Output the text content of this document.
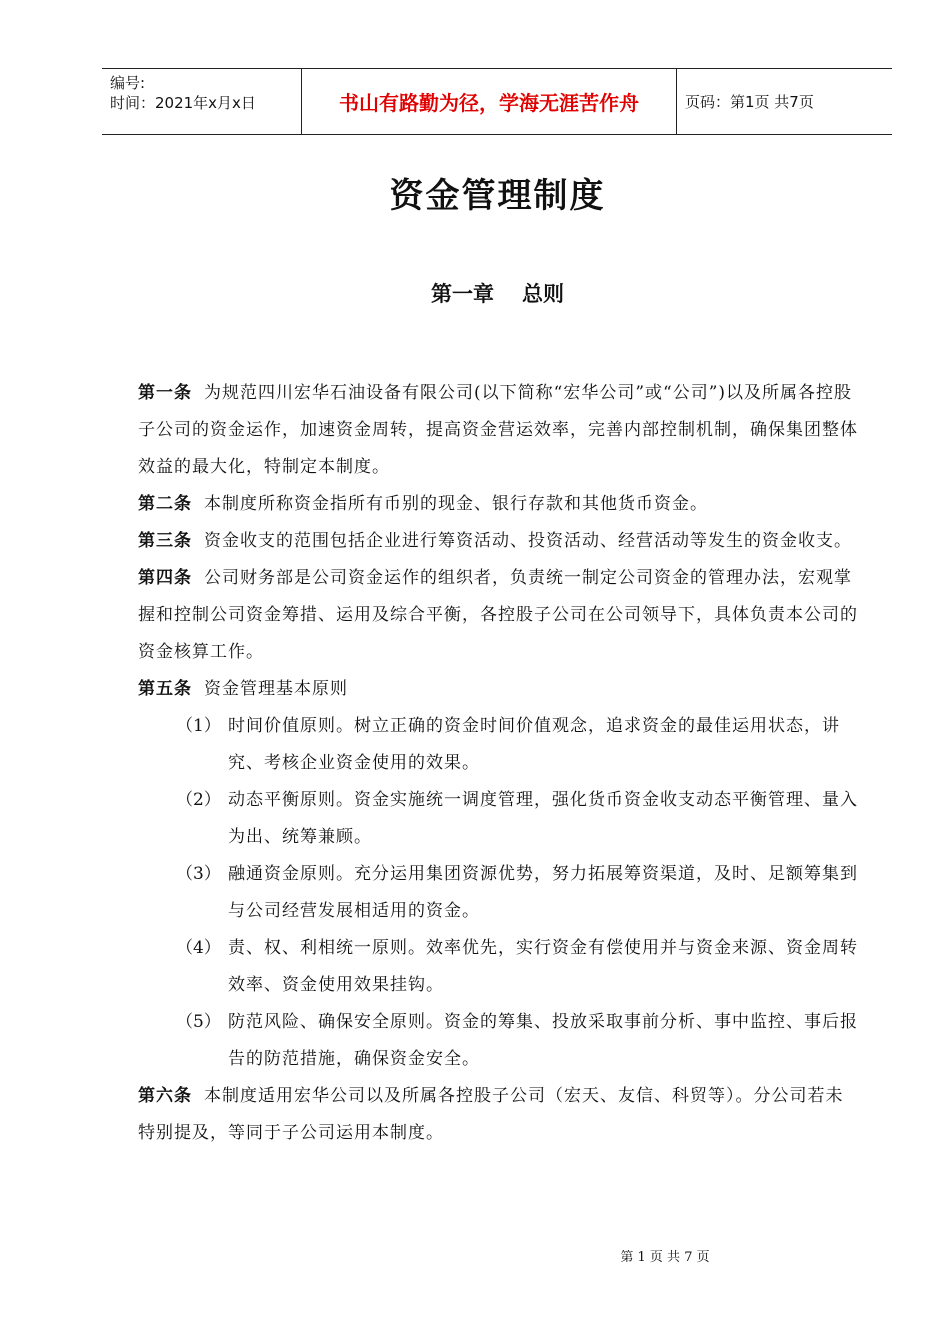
编号:
时间：2021年x月x日	书山有路勤为径，学海无涯苦作舟	页码：第1页 共7页
资金管理制度
第一章 总则

第一条 为规范四川宏华石油设备有限公司(以下简称“宏华公司”或“公司”)以及所属各控股子公司的资金运作，加速资金周转，提高资金营运效率，完善内部控制机制，确保集团整体效益的最大化，特制定本制度。

第二条 本制度所称资金指所有币别的现金、银行存款和其他货币资金。

第三条 资金收支的范围包括企业进行筹资活动、投资活动、经营活动等发生的资金收支。

第四条 公司财务部是公司资金运作的组织者，负责统一制定公司资金的管理办法，宏观掌握和控制公司资金筹措、运用及综合平衡，各控股子公司在公司领导下，具体负责本公司的资金核算工作。

第五条 资金管理基本原则

（1） 时间价值原则。树立正确的资金时间价值观念，追求资金的最佳运用状态，讲究、考核企业资金使用的效果。

（2） 动态平衡原则。资金实施统一调度管理，强化货币资金收支动态平衡管理、量入为出、统筹兼顾。

（3） 融通资金原则。充分运用集团资源优势，努力拓展筹资渠道，及时、足额筹集到与公司经营发展相适用的资金。

（4） 责、权、利相统一原则。效率优先，实行资金有偿使用并与资金来源、资金周转效率、资金使用效果挂钩。

（5） 防范风险、确保安全原则。资金的筹集、投放采取事前分析、事中监控、事后报告的防范措施，确保资金安全。

第六条 本制度适用宏华公司以及所属各控股子公司（宏天、友信、科贸等）。分公司若未特别提及，等同于子公司运用本制度。

第 1 页 共 7 页
